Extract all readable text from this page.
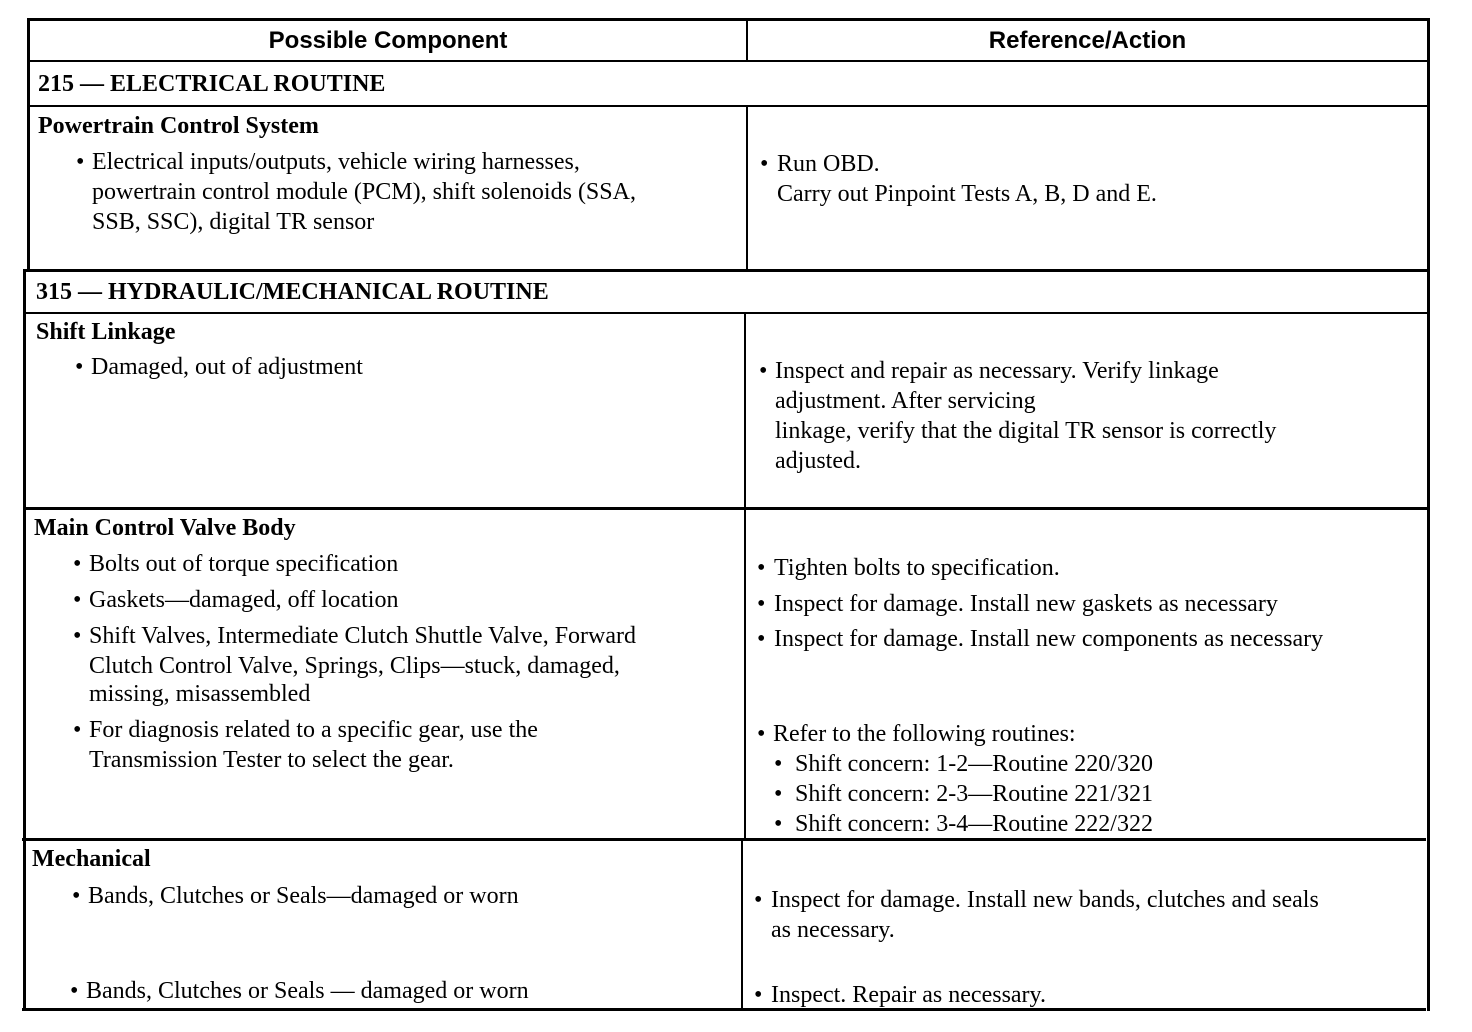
Possible Component	Reference/Action
215 — ELECTRICAL ROUTINE
Powertrain Control System
• Electrical inputs/outputs, vehicle wiring harnesses,
powertrain control module (PCM), shift solenoids (SSA,
SSB, SSC), digital TR sensor
• Run OBD.
Carry out Pinpoint Tests A, B, D and E.
315 — HYDRAULIC/MECHANICAL ROUTINE
Shift Linkage
• Damaged, out of adjustment	• Inspect and repair as necessary. Verify linkage
adjustment. After servicing
linkage, verify that the digital TR sensor is correctly
adjusted.
Main Control Valve Body
• Bolts out of torque specification
• Gaskets—damaged, off location
• Shift Valves, Intermediate Clutch Shuttle Valve, Forward
Clutch Control Valve, Springs, Clips—stuck, damaged,
missing, misassembled
• For diagnosis related to a specific gear, use the
Transmission Tester to select the gear.
• Tighten bolts to specification.
• Inspect for damage. Install new gaskets as necessary
• Inspect for damage. Install new components as necessary
• Refer to the following routines:
• Shift concern: 1-2—Routine 220/320
• Shift concern: 2-3—Routine 221/321
• Shift concern: 3-4—Routine 222/322
Mechanical
• Bands, Clutches or Seals—damaged or worn
• Bands, Clutches or Seals — damaged or worn
• Inspect for damage. Install new bands, clutches and seals
as necessary.
• Inspect. Repair as necessary.
